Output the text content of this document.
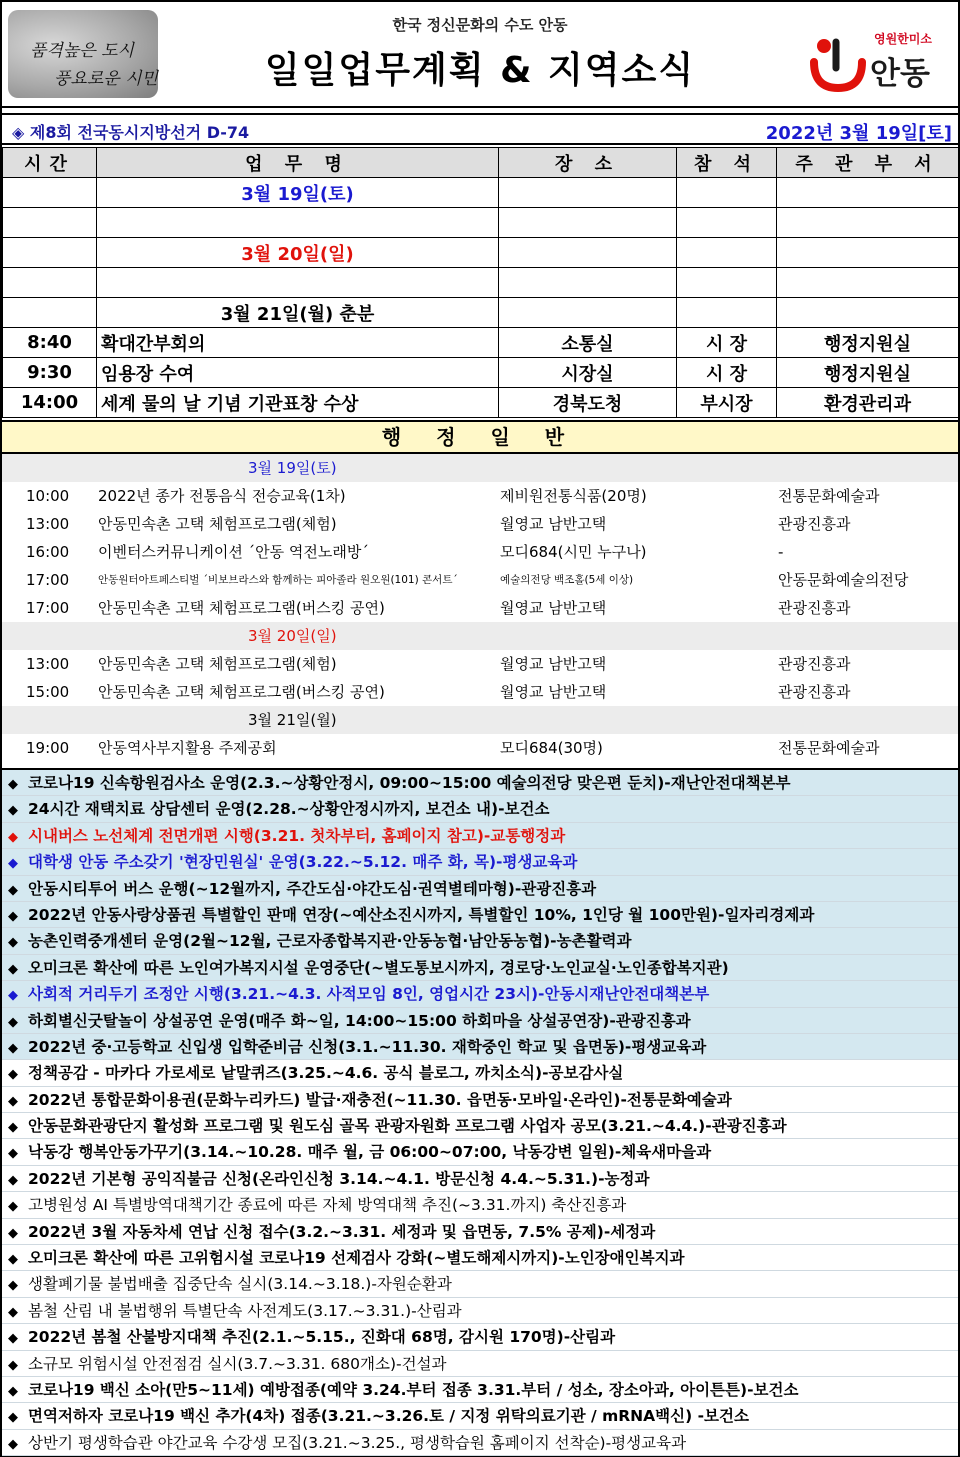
품격높은 도시
풍요로운 시민
한국 정신문화의 수도 안동
일일업무계획 & 지역소식
영원한미소
안동
◈ 제8회 전국동시지방선거 D-74	2022년 3월 19일[토]
시간	업 무 명	장 소	참 석	주 관 부 서
	3월 19일(토)			

	3월 20일(일)			

	3월 21일(월) 춘분			
8:40	확대간부회의	소통실	시 장	행정지원실
9:30	임용장 수여	시장실	시 장	행정지원실
14:00	세계 물의 날 기념 기관표창 수상	경북도청	부시장	환경관리과
행 정 일 반
3월 19일(토)
10:00 2022년 종가 전통음식 전승교육(1차)	제비원전통식품(20명)	전통문화예술과
13:00 안동민속촌 고택 체험프로그램(체험)	월영교 남반고택	관광진흥과
16:00 이벤터스커뮤니케이션 ´안동 역전노래방´	모디684(시민 누구나)	-
17:00	안동원터아트페스티벌 ´비보브라스와 함께하는 피아졸라 원오원(101) 콘서트´	예술의전당 백조홀(5세 이상)	안동문화예술의전당
17:00 안동민속촌 고택 체험프로그램(버스킹 공연)	월영교 남반고택	관광진흥과
3월 20일(일)
13:00 안동민속촌 고택 체험프로그램(체험)	월영교 남반고택	관광진흥과
15:00 안동민속촌 고택 체험프로그램(버스킹 공연)	월영교 남반고택	관광진흥과
3월 21일(월)
19:00 안동역사부지활용 주제공회	모디684(30명)	전통문화예술과
◆ 코로나19 신속항원검사소 운영(2.3.~상황안정시, 09:00~15:00 예술의전당 맞은편 둔치)-재난안전대책본부
◆ 24시간 재택치료 상담센터 운영(2.28.~상황안정시까지, 보건소 내)-보건소
◆ 시내버스 노선체계 전면개편 시행(3.21. 첫차부터, 홈페이지 참고)-교통행정과
◆ 대학생 안동 주소갖기 '현장민원실' 운영(3.22.~5.12. 매주 화, 목)-평생교육과
◆ 안동시티투어 버스 운행(~12월까지, 주간도심·야간도심·권역별테마형)-관광진흥과
◆ 2022년 안동사랑상품권 특별할인 판매 연장(~예산소진시까지, 특별할인 10%, 1인당 월 100만원)-일자리경제과
◆ 농촌인력중개센터 운영(2월~12월, 근로자종합복지관·안동농협·남안동농협)-농촌활력과
◆ 오미크론 확산에 따른 노인여가복지시설 운영중단(~별도통보시까지, 경로당·노인교실·노인종합복지관)
◆ 사회적 거리두기 조정안 시행(3.21.~4.3. 사적모임 8인, 영업시간 23시)-안동시재난안전대책본부
◆ 하회별신굿탈놀이 상설공연 운영(매주 화~일, 14:00~15:00 하회마을 상설공연장)-관광진흥과
◆ 2022년 중·고등학교 신입생 입학준비금 신청(3.1.~11.30. 재학중인 학교 및 읍면동)-평생교육과
◆ 정책공감 - 마카다 가로세로 낱말퀴즈(3.25.~4.6. 공식 블로그, 까치소식)-공보감사실
◆ 2022년 통합문화이용권(문화누리카드) 발급·재충전(~11.30. 읍면동·모바일·온라인)-전통문화예술과
◆ 안동문화관광단지 활성화 프로그램 및 원도심 골목 관광자원화 프로그램 사업자 공모(3.21.~4.4.)-관광진흥과
◆ 낙동강 행복안동가꾸기(3.14.~10.28. 매주 월, 금 06:00~07:00, 낙동강변 일원)-체육새마을과
◆ 2022년 기본형 공익직불금 신청(온라인신청 3.14.~4.1. 방문신청 4.4.~5.31.)-농정과
◆ 고병원성 AI 특별방역대책기간 종료에 따른 자체 방역대책 추진(~3.31.까지) 축산진흥과
◆ 2022년 3월 자동차세 연납 신청 접수(3.2.~3.31. 세정과 및 읍면동, 7.5% 공제)-세정과
◆ 오미크론 확산에 따른 고위험시설 코로나19 선제검사 강화(~별도해제시까지)-노인장애인복지과
◆ 생활폐기물 불법배출 집중단속 실시(3.14.~3.18.)-자원순환과
◆ 봄철 산림 내 불법행위 특별단속 사전계도(3.17.~3.31.)-산림과
◆ 2022년 봄철 산불방지대책 추진(2.1.~5.15., 진화대 68명, 감시원 170명)-산림과
◆ 소규모 위험시설 안전점검 실시(3.7.~3.31. 680개소)-건설과
◆ 코로나19 백신 소아(만5~11세) 예방접종(예약 3.24.부터 접종 3.31.부터 / 성소, 장소아과, 아이튼튼)-보건소
◆ 면역저하자 코로나19 백신 추가(4차) 접종(3.21.~3.26.토 / 지정 위탁의료기관 / mRNA백신) -보건소
◆ 상반기 평생학습관 야간교육 수강생 모집(3.21.~3.25., 평생학습원 홈페이지 선착순)-평생교육과
